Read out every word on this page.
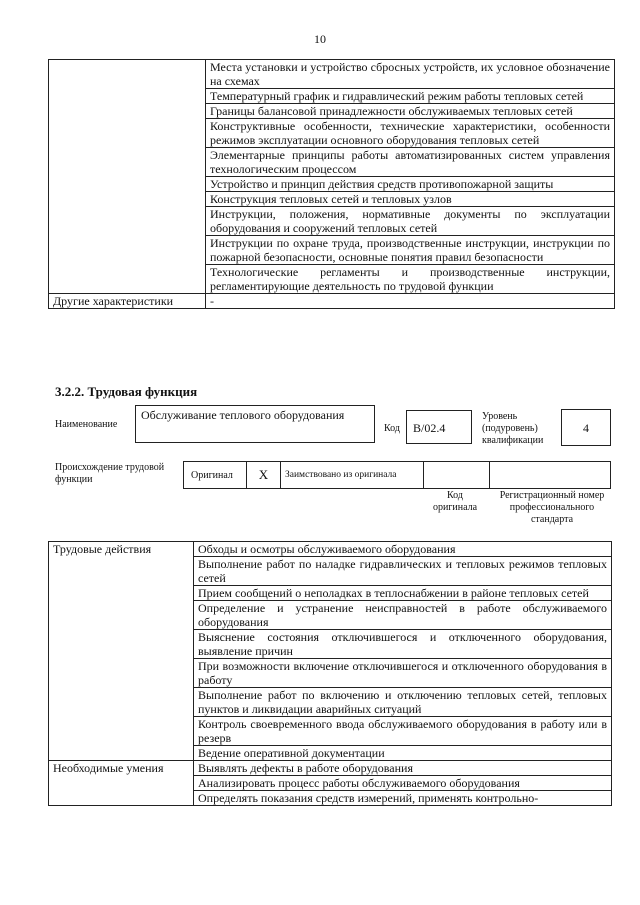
10
	Места установки и устройство сбросных устройств, их условное обозначение на схемах
	Температурный график и гидравлический режим работы тепловых сетей
	Границы балансовой принадлежности обслуживаемых тепловых сетей
	Конструктивные особенности, технические характеристики, особенности режимов эксплуатации основного оборудования тепловых сетей
	Элементарные принципы работы автоматизированных систем управления технологическим процессом
	Устройство и принцип действия средств противопожарной защиты
	Конструкция тепловых сетей и тепловых узлов
	Инструкции, положения, нормативные документы по эксплуатации оборудования и сооружений тепловых сетей
	Инструкции по охране труда, производственные инструкции, инструкции по пожарной безопасности, основные понятия правил безопасности
	Технологические регламенты и производственные инструкции, регламентирующие деятельность по трудовой функции
Другие характеристики	-
3.2.2. Трудовая функция
Наименование
Обслуживание теплового оборудования
Код	B/02.4
Уровень (подуровень) квалификации
4
Происхождение трудовой функции	Оригинал	X	Заимствовано из оригинала
Код оригинала
Регистрационный номер профессионального стандарта
Трудовые действия	Обходы и осмотры обслуживаемого оборудования
	Выполнение работ по наладке гидравлических и тепловых режимов тепловых сетей
	Прием сообщений о неполадках в теплоснабжении в районе тепловых сетей
	Определение и устранение неисправностей в работе обслуживаемого оборудования
	Выяснение состояния отключившегося и отключенного оборудования, выявление причин
	При возможности включение отключившегося и отключенного оборудования в работу
	Выполнение работ по включению и отключению тепловых сетей, тепловых пунктов и ликвидации аварийных ситуаций
	Контроль своевременного ввода обслуживаемого оборудования в работу или в резерв
	Ведение оперативной документации
Необходимые умения	Выявлять дефекты в работе оборудования
	Анализировать процесс работы обслуживаемого оборудования
	Определять показания средств измерений, применять контрольно-
